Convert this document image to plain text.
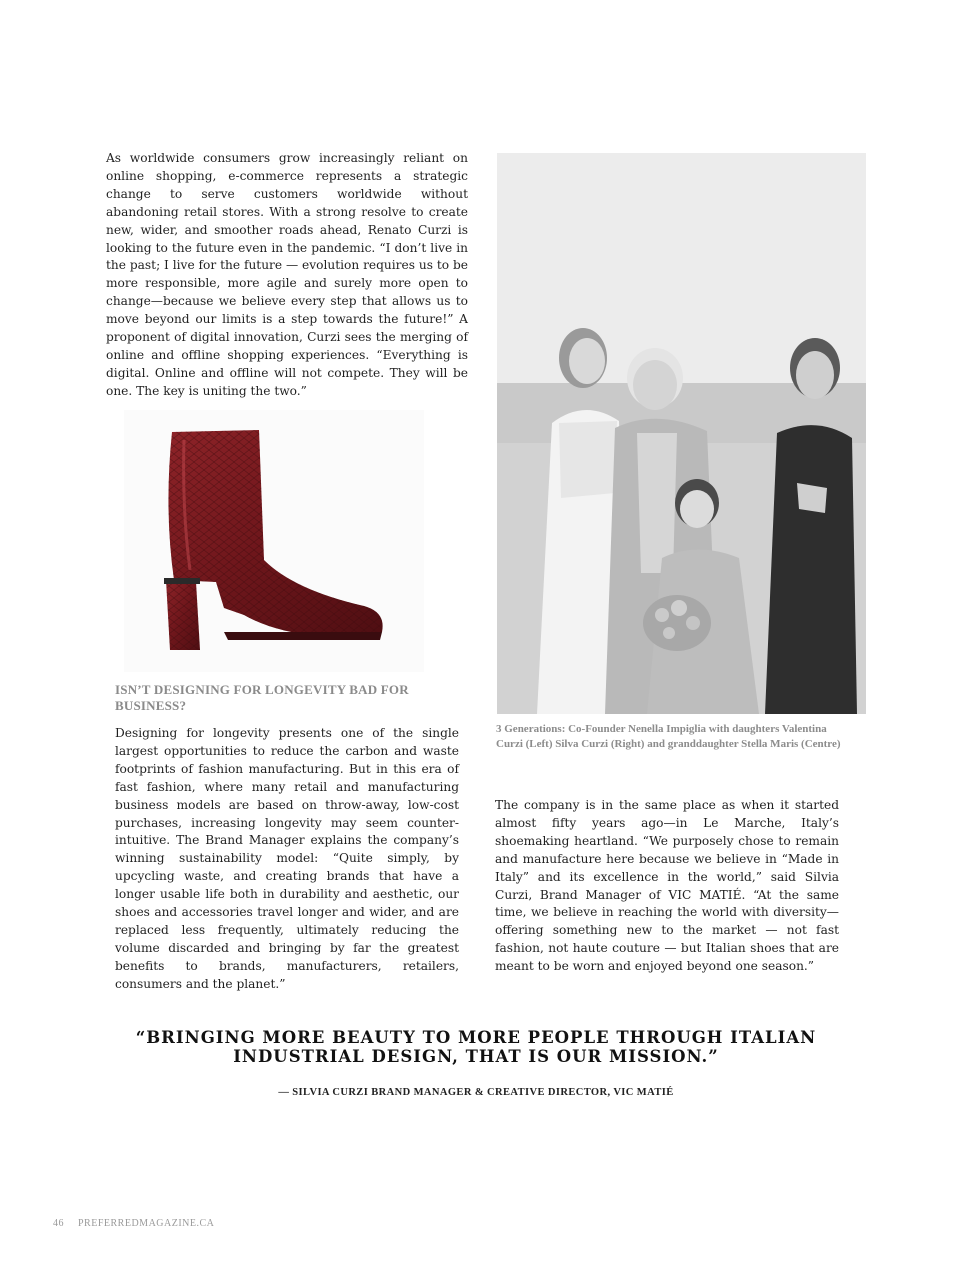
As worldwide consumers grow increasingly reliant on online shopping, e-commerce represents a strategic change to serve customers worldwide without abandoning retail stores. With a strong resolve to create new, wider, and smoother roads ahead, Renato Curzi is looking to the future even in the pandemic. “I don’t live in the past; I live for the future — evolution requires us to be more responsible, more agile and surely more open to change—because we believe every step that allows us to move beyond our limits is a step towards the future!” A proponent of digital innovation, Curzi sees the merging of online and offline shopping experiences. “Everything is digital. Online and offline will not compete. They will be one. The key is uniting the two.”

ISN’T DESIGNING FOR LONGEVITY BAD FOR BUSINESS?

Designing for longevity presents one of the single largest opportunities to reduce the carbon and waste footprints of fashion manufacturing. But in this era of fast fashion, where many retail and manufacturing business models are based on throw-away, low-cost purchases, increasing longevity may seem counter-intuitive. The Brand Manager explains the company’s winning sustainability model: “Quite simply, by upcycling waste, and creating brands that have a longer usable life both in durability and aesthetic, our shoes and accessories travel longer and wider, and are replaced less frequently, ultimately reducing the volume discarded and bringing by far the greatest benefits to brands, manufacturers, retailers, consumers and the planet.”

3 Generations: Co-Founder Nenella Impiglia with daughters Valentina Curzi (Left) Silva Curzi (Right) and granddaughter Stella Maris (Centre)

The company is in the same place as when it started almost fifty years ago—in Le Marche, Italy’s shoemaking heartland. “We purposely chose to remain and manufacture here because we believe in “Made in Italy” and its excellence in the world,” said Silvia Curzi, Brand Manager of VIC MATIÉ. “At the same time, we believe in reaching the world with diversity—offering something new to the market — not fast fashion, not haute couture — but Italian shoes that are meant to be worn and enjoyed beyond one season.”

“BRINGING MORE BEAUTY TO MORE PEOPLE THROUGH ITALIAN INDUSTRIAL DESIGN, THAT IS OUR MISSION.”

— SILVIA CURZI BRAND MANAGER & CREATIVE DIRECTOR, VIC MATIÉ

46 PREFERREDMAGAZINE.CA
